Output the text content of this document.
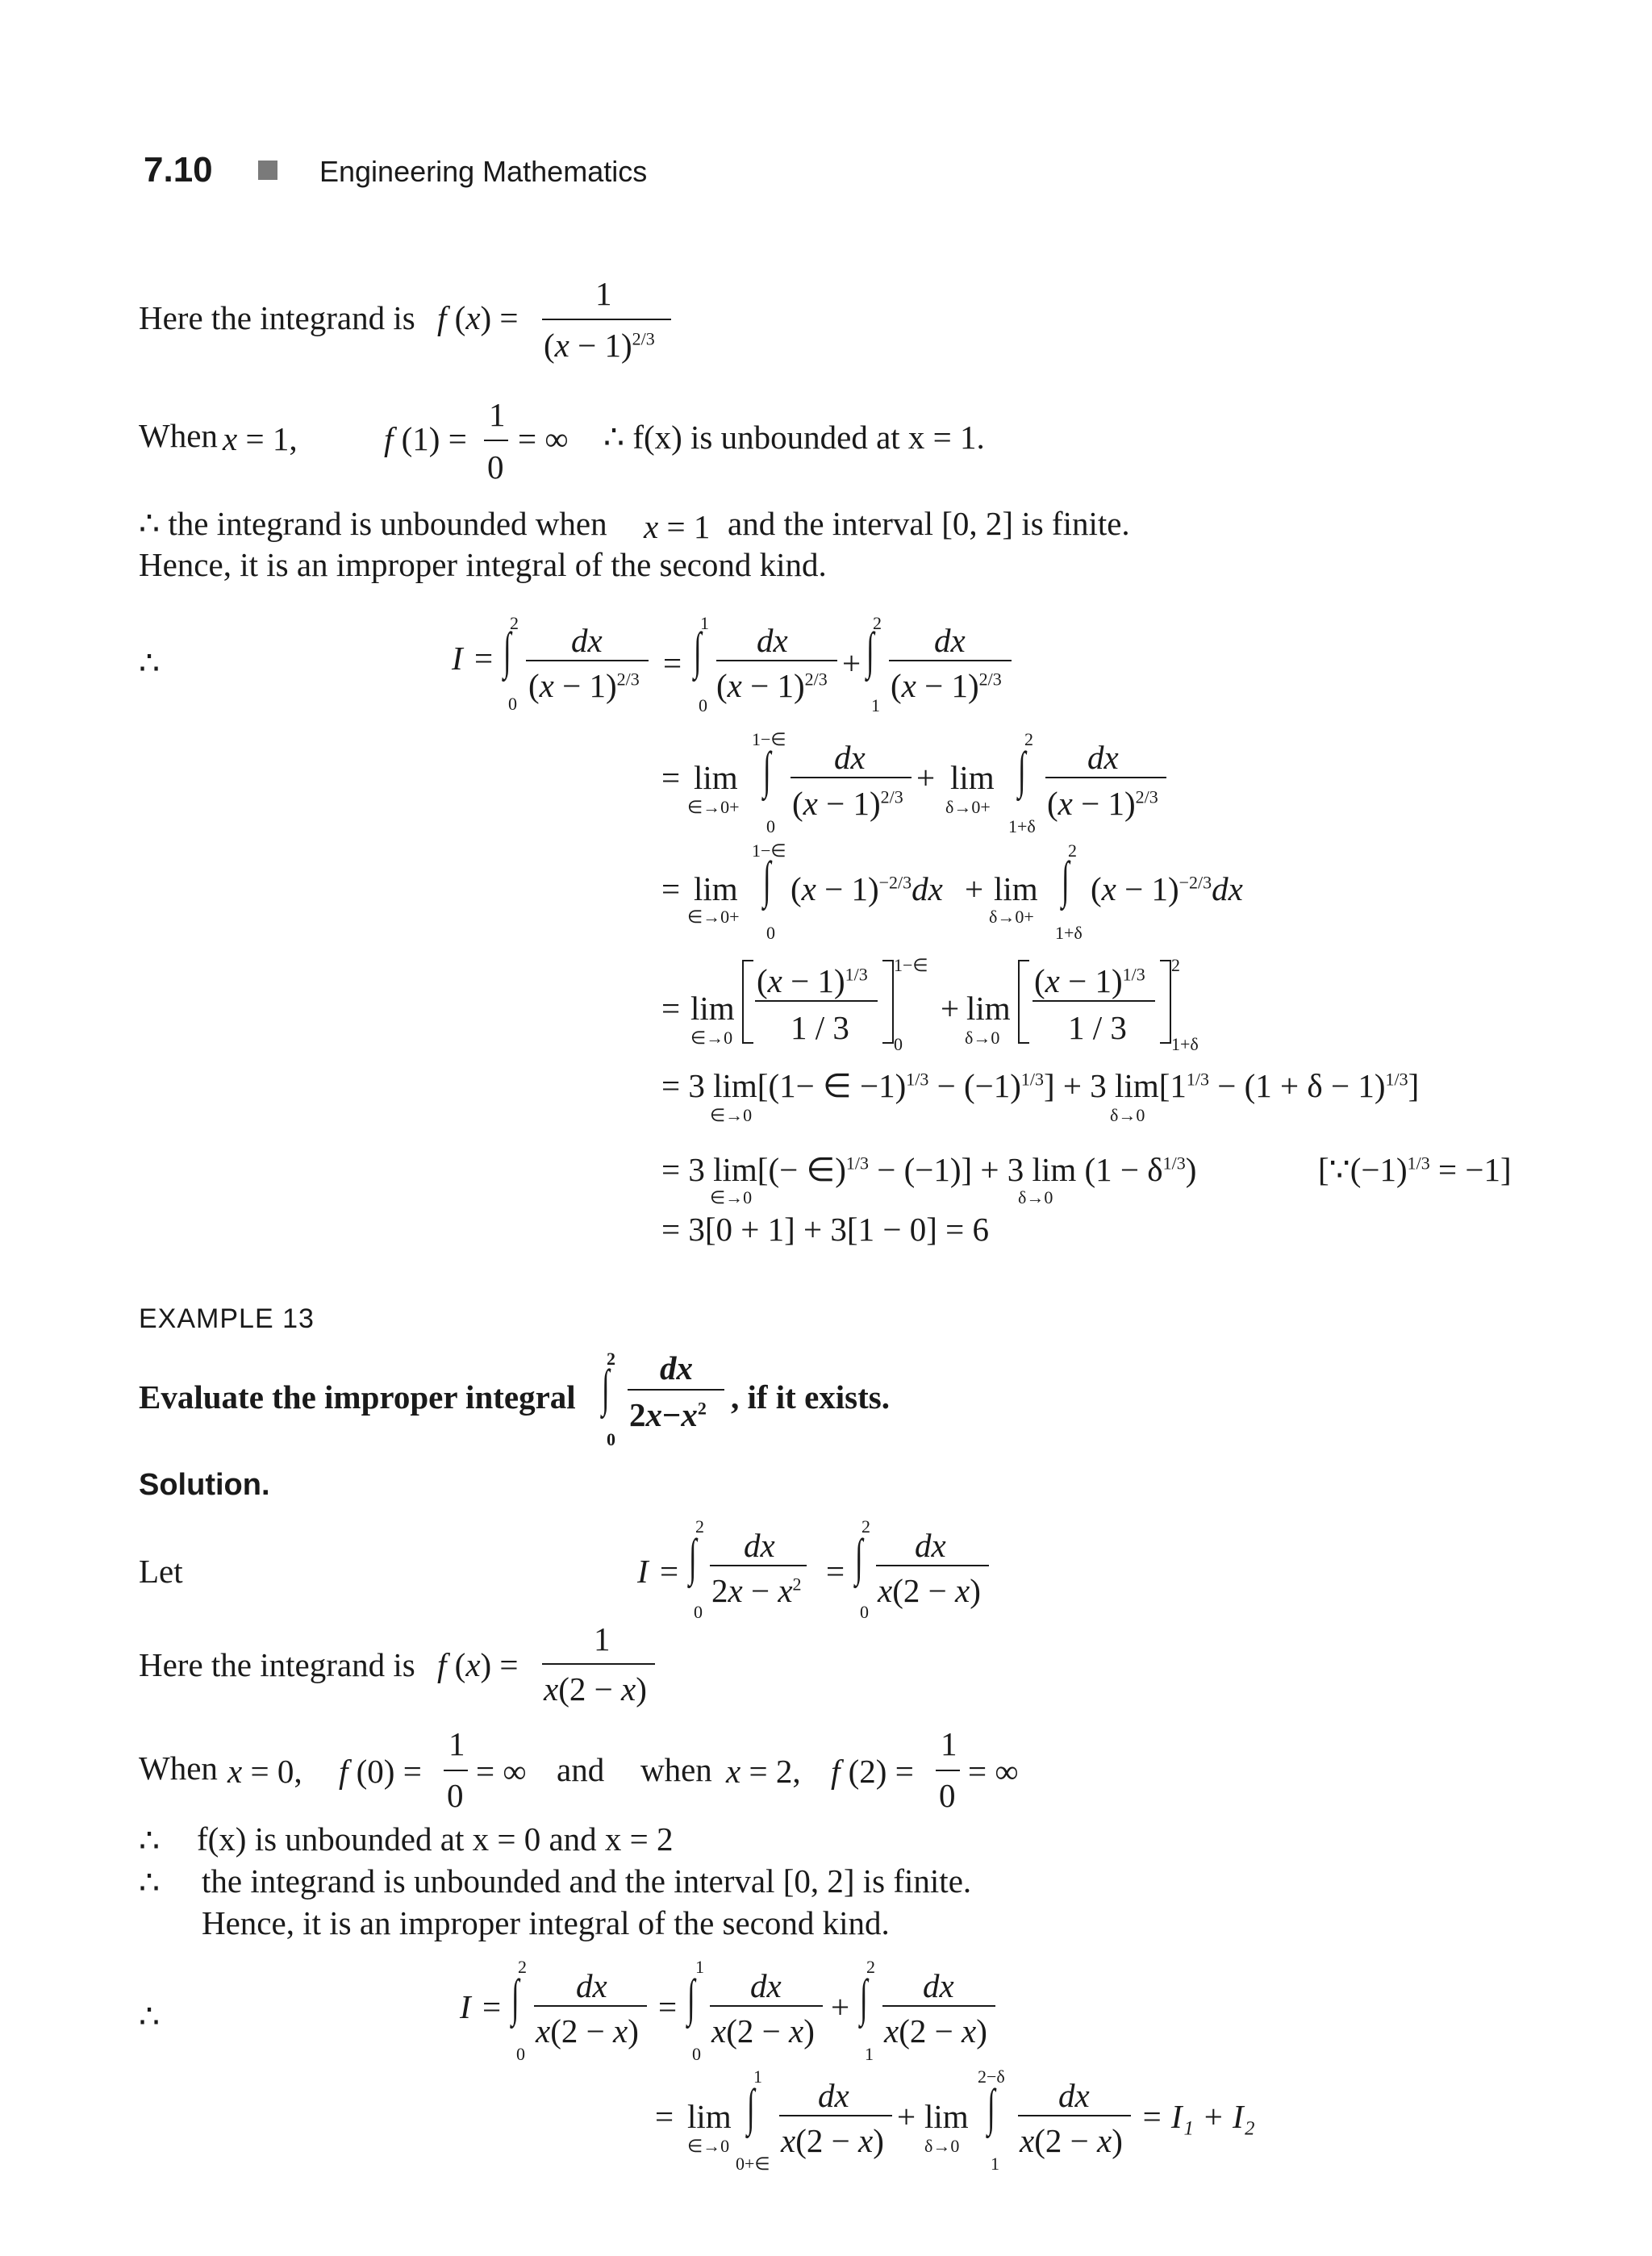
7.10	Engineering Mathematics
Here the integrand is f (x) =
1
$(x - 1)^{2/3}$
When x = 1,	f (1) =
1
0
= ∞ ∴ f(x) is unbounded at x = 1.
∴ the integrand is unbounded when x = 1 and the interval [0, 2] is finite.
Hence, it is an improper integral of the second kind.
∴	I = ∫
2
0
dx
$(x - 1)^{2/3}$ = ∫
1
0
dx
$(x - 1)^{2/3}$ + ∫
2
1
dx
$(x - 1)^{2/3}$
= lim
∈→0+
1−∈
∫
0
dx
$(x - 1)^{2/3}$
+ lim
δ→0+
2
∫
1+δ
dx
$(x - 1)^{2/3}$
= lim
∈→0+
1−∈
∫
0
$(x - 1)^{-2/3}dx + \lim$
δ→0+
2
∫
1+δ
$(x - 1)^{-2/3}dx$
= lim
∈→0
$(x - 1)^{1/3}$
1 / 3
1−∈
0
+ lim
δ→0
$(x - 1)^{1/3}$
1 / 3
2
1+δ
= 3 lim[(1− ∈ $-1)^{1/3} - (-1)^{1/3}] + 3$ $\lim[1^{1/3} - (1 + \delta - 1)^{1/3}]$
∈→0	δ→0
= 3 lim[(− ∈)$^{1/3}$ − (−1)] + 3 $\lim (1 - \delta^{1/3})$
∈→0	δ→0
$[\because(-1)^{1/3} = -1]$
= 3[0 + 1] + 3[1 − 0] = 6
EXAMPLE 13
Evaluate the improper integral
2
∫
0
dx
$2x-x^2$ , if it exists.
Solution.
Let	I =
2
∫
0
dx
$2x - x^2$ =
2
∫
0
dx
x(2 − x)
Here the integrand is f (x) =
1
x(2 − x)
When x = 0, f (0) =
1
0
= ∞ and when x = 2, f (2) =
1
0
= ∞
∴ f(x) is unbounded at x = 0 and x = 2
∴ the integrand is unbounded and the interval [0, 2] is finite.
Hence, it is an improper integral of the second kind.
∴	I =
2
∫
0
dx
x(2 − x)
=
1
∫
0
dx
x(2 − x)
+
2
∫
1
dx
x(2 − x)
= lim
∈→0
1
∫
0+∈
dx
x(2 − x)
+ lim
δ→0
2−δ
∫
1
dx
x(2 − x)
= I₁ + I₂
